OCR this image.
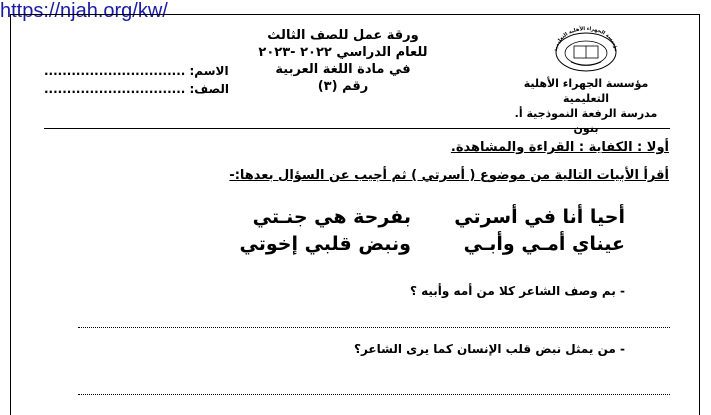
https://njah.org/kw/
مؤسسة الجهراء الأهلية التعليمية
مؤسسة الجهراء الأهلية التعليمية
مدرسة الرفعة النموذجية أ. بنون
ورقة عمل للصف الثالث
للعام الدراسي ٢٠٢٢ -٢٠٢٣
في مادة اللغة العربية
رقم (٣)
الاسم: ...............................
الصف: ...............................
أولا : الكفاية : القراءة والمشاهدة.
أقرأ الأبيات التالية من موضوع ( أسرتي ) ثم أجيب عن السؤال بعدها:-
أحيا أنا في أسرتي
عيناي أمـي وأبـي
بفرحة هي جنـتي
ونبض قلبي إخوتي
- بم وصف الشاعر كلا من أمه وأبيه ؟
- من يمثل نبض قلب الإنسان كما يرى الشاعر؟
